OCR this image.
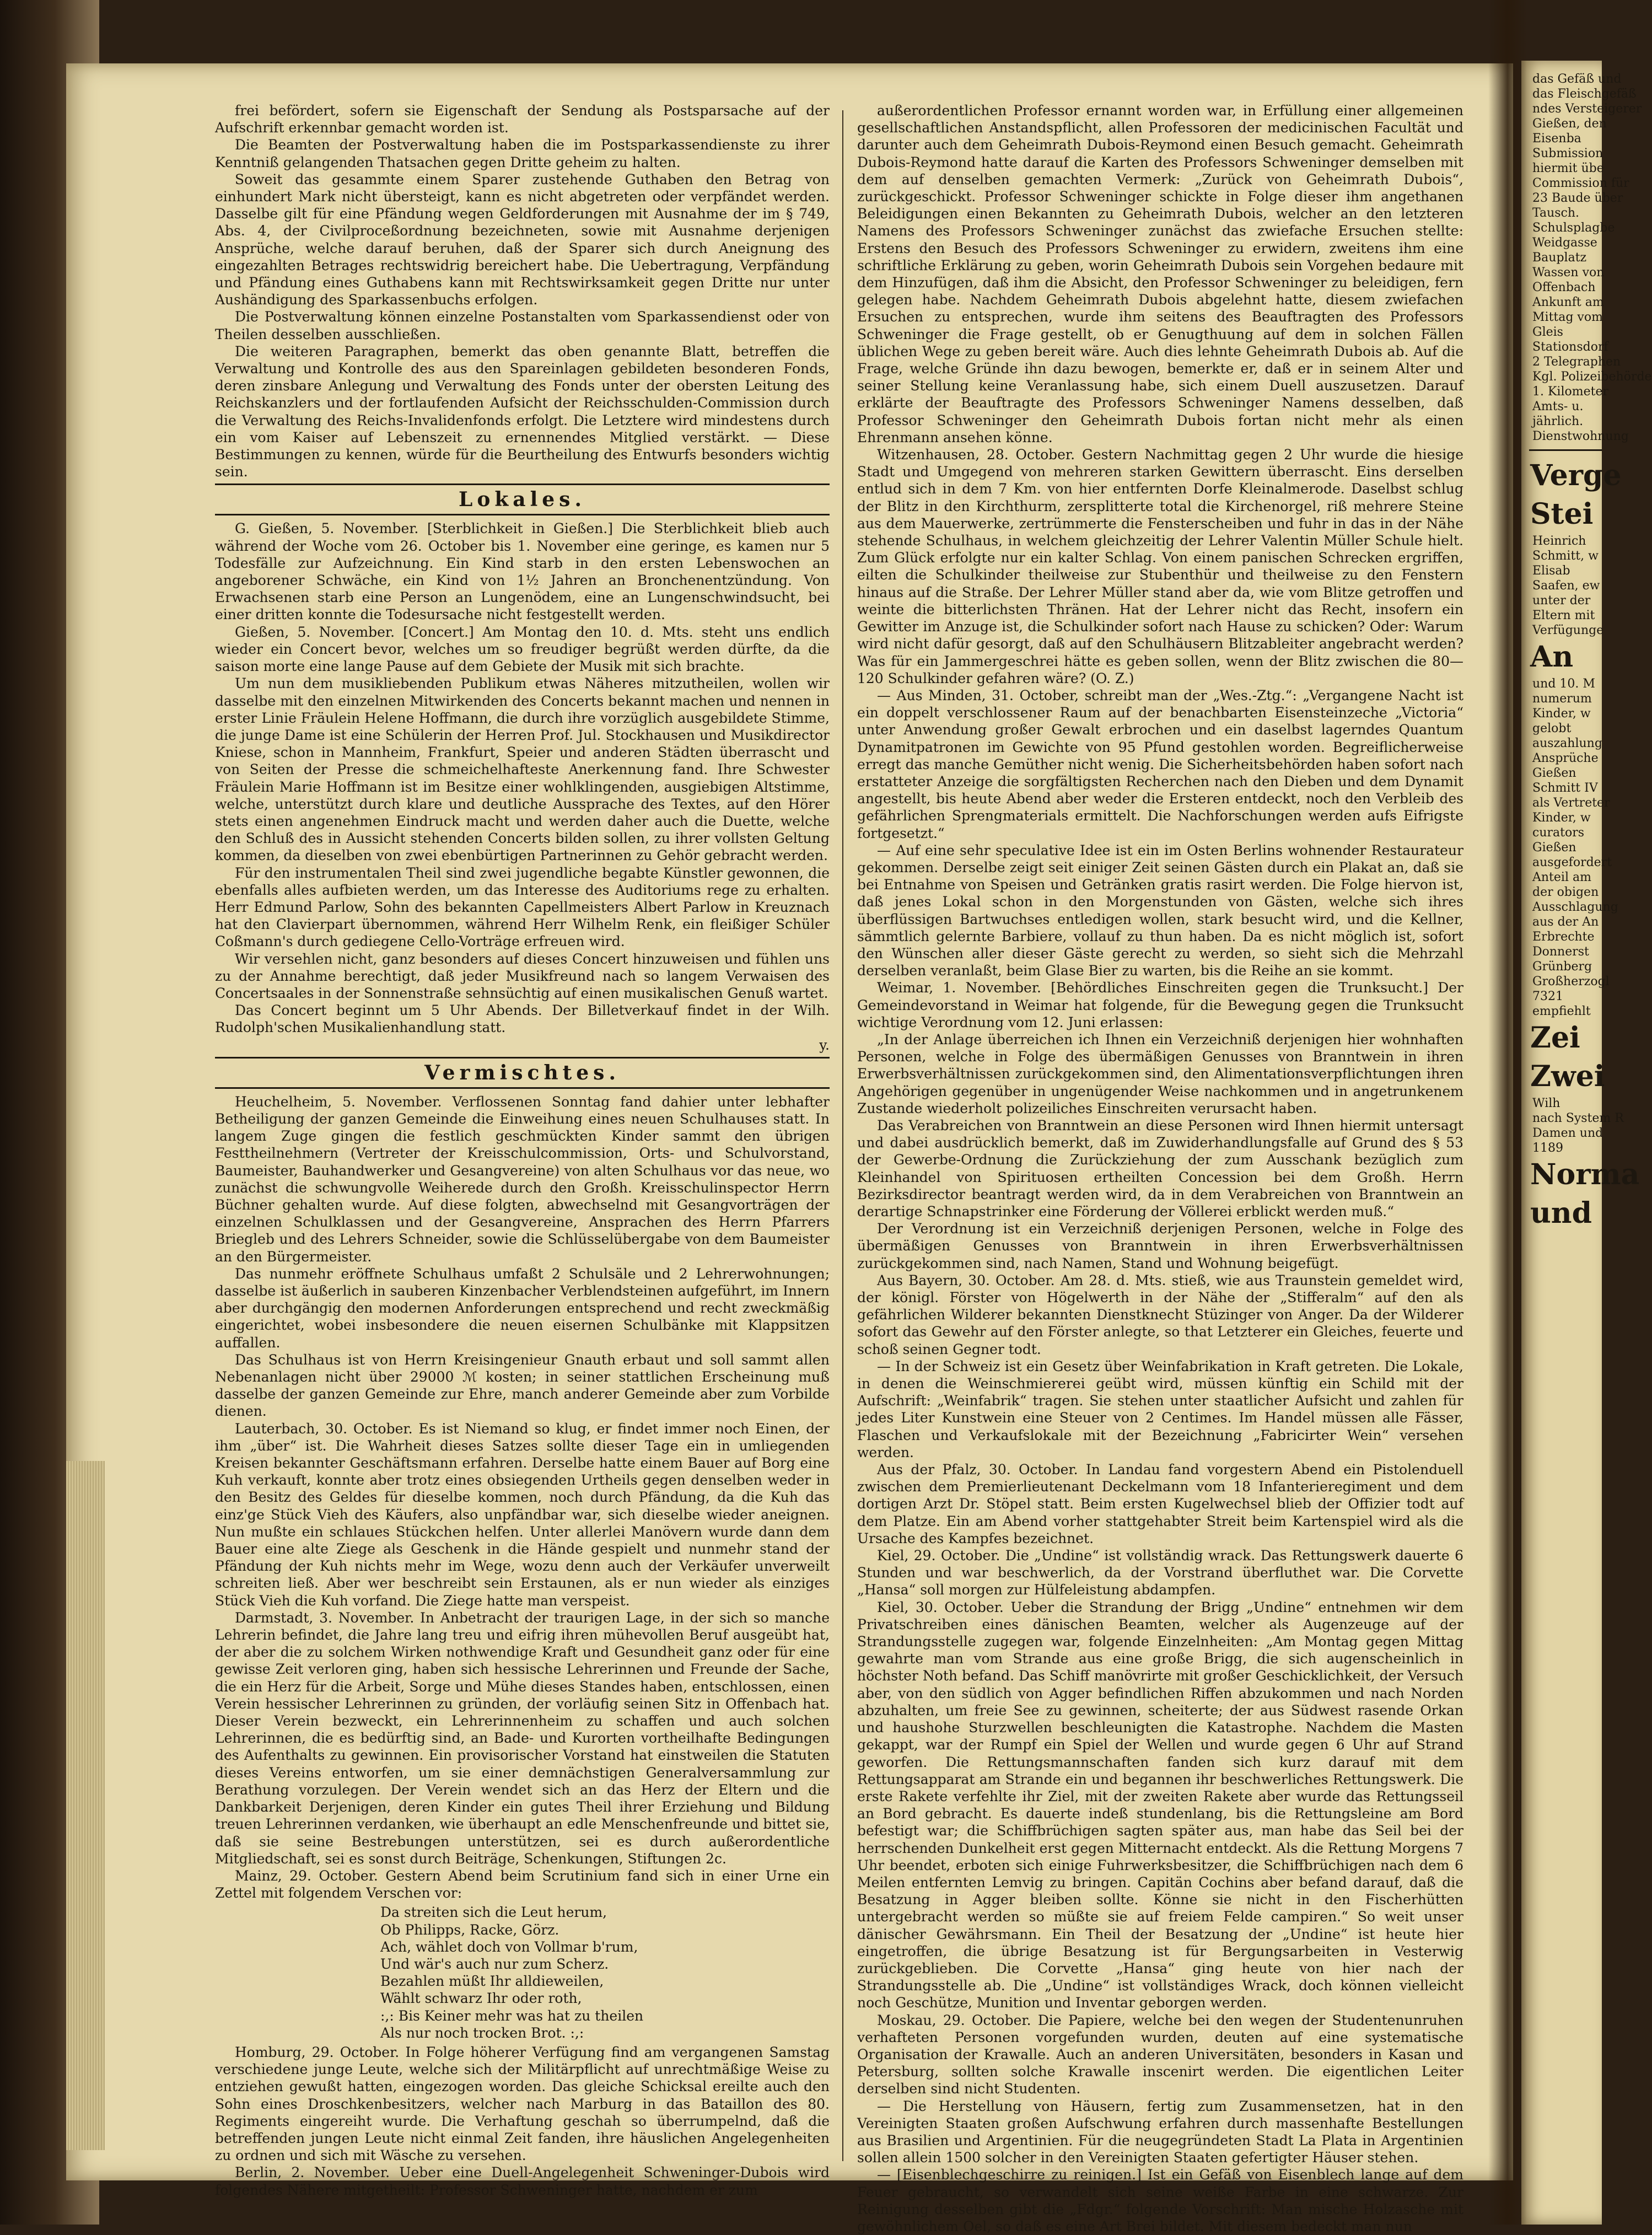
das Gefäß und
das Fleischgefäß
ndes Versteigerer
Gießen, den
Eisenba
Submission
hiermit übe
Commission für
23 Baude über
Tausch.
Schulsplagbe
Weidgasse
Bauplatz
Wassen von
Offenbach
Ankunft am
Mittag vom
Gleis
Stationsdorf
2 Telegraphen
Kgl. Polizeibehörde
1. Kilometer
Amts- u.
jährlich.
Dienstwohnung
Verge
Stei
Heinrich
Schmitt, w
Elisab
Saafen, ew
unter der
Eltern mit
Verfügunge
An
und 10. M
numerum
Kinder, w
gelobt
auszahlung
Ansprüche
Gießen
Schmitt IV
als Vertreter
Kinder, w
curators
Gießen
ausgefordert
Anteil am
der obigen
Ausschlagung
aus der An
Erbrechte
Donnerst
Grünberg
Großherzogl
7321
empfiehlt
Zei
Zwei
Wilh
nach System R
Damen und
1189
Norma
und

frei befördert, sofern sie Eigenschaft der Sendung als Postsparsache auf der Aufschrift erkennbar gemacht worden ist.

Die Beamten der Postverwaltung haben die im Postsparkassendienste zu ihrer Kenntniß gelangenden Thatsachen gegen Dritte geheim zu halten.

Soweit das gesammte einem Sparer zustehende Guthaben den Betrag von einhundert Mark nicht übersteigt, kann es nicht abgetreten oder verpfändet werden. Dasselbe gilt für eine Pfändung wegen Geldforderungen mit Ausnahme der im § 749, Abs. 4, der Civilproceßordnung bezeichneten, sowie mit Ausnahme derjenigen Ansprüche, welche darauf beruhen, daß der Sparer sich durch Aneignung des eingezahlten Betrages rechtswidrig bereichert habe. Die Uebertragung, Verpfändung und Pfändung eines Guthabens kann mit Rechtswirksamkeit gegen Dritte nur unter Aushändigung des Sparkassenbuchs erfolgen.

Die Postverwaltung können einzelne Postanstalten vom Sparkassendienst oder von Theilen desselben ausschließen.

Die weiteren Paragraphen, bemerkt das oben genannte Blatt, betreffen die Verwaltung und Kontrolle des aus den Spareinlagen gebildeten besonderen Fonds, deren zinsbare Anlegung und Verwaltung des Fonds unter der obersten Leitung des Reichskanzlers und der fortlaufenden Aufsicht der Reichsschulden-Commission durch die Verwaltung des Reichs-Invalidenfonds erfolgt. Die Letztere wird mindestens durch ein vom Kaiser auf Lebenszeit zu ernennendes Mitglied verstärkt. — Diese Bestimmungen zu kennen, würde für die Beurtheilung des Entwurfs besonders wichtig sein.

Lokales.

G. Gießen, 5. November. [Sterblichkeit in Gießen.] Die Sterblichkeit blieb auch während der Woche vom 26. October bis 1. November eine geringe, es kamen nur 5 Todesfälle zur Aufzeichnung. Ein Kind starb in den ersten Lebenswochen an angeborener Schwäche, ein Kind von 1½ Jahren an Bronchenentzündung. Von Erwachsenen starb eine Person an Lungenödem, eine an Lungenschwindsucht, bei einer dritten konnte die Todesursache nicht festgestellt werden.

Gießen, 5. November. [Concert.] Am Montag den 10. d. Mts. steht uns endlich wieder ein Concert bevor, welches um so freudiger begrüßt werden dürfte, da die saison morte eine lange Pause auf dem Gebiete der Musik mit sich brachte.

Um nun dem musikliebenden Publikum etwas Näheres mitzutheilen, wollen wir dasselbe mit den einzelnen Mitwirkenden des Concerts bekannt machen und nennen in erster Linie Fräulein Helene Hoffmann, die durch ihre vorzüglich ausgebildete Stimme, die junge Dame ist eine Schülerin der Herren Prof. Jul. Stockhausen und Musikdirector Kniese, schon in Mannheim, Frankfurt, Speier und anderen Städten überrascht und von Seiten der Presse die schmeichelhafteste Anerkennung fand. Ihre Schwester Fräulein Marie Hoffmann ist im Besitze einer wohlklingenden, ausgiebigen Altstimme, welche, unterstützt durch klare und deutliche Aussprache des Textes, auf den Hörer stets einen angenehmen Eindruck macht und werden daher auch die Duette, welche den Schluß des in Aussicht stehenden Concerts bilden sollen, zu ihrer vollsten Geltung kommen, da dieselben von zwei ebenbürtigen Partnerinnen zu Gehör gebracht werden.

Für den instrumentalen Theil sind zwei jugendliche begabte Künstler gewonnen, die ebenfalls alles aufbieten werden, um das Interesse des Auditoriums rege zu erhalten. Herr Edmund Parlow, Sohn des bekannten Capellmeisters Albert Parlow in Kreuznach hat den Clavierpart übernommen, während Herr Wilhelm Renk, ein fleißiger Schüler Coßmann's durch gediegene Cello-Vorträge erfreuen wird.

Wir versehlen nicht, ganz besonders auf dieses Concert hinzuweisen und fühlen uns zu der Annahme berechtigt, daß jeder Musikfreund nach so langem Verwaisen des Concertsaales in der Sonnenstraße sehnsüchtig auf einen musikalischen Genuß wartet.

Das Concert beginnt um 5 Uhr Abends. Der Billetverkauf findet in der Wilh. Rudolph'schen Musikalienhandlung statt.

y.

Vermischtes.

Heuchelheim, 5. November. Verflossenen Sonntag fand dahier unter lebhafter Betheiligung der ganzen Gemeinde die Einweihung eines neuen Schulhauses statt. In langem Zuge gingen die festlich geschmückten Kinder sammt den übrigen Festtheilnehmern (Vertreter der Kreisschulcommission, Orts- und Schulvorstand, Baumeister, Bauhandwerker und Gesangvereine) von alten Schulhaus vor das neue, wo zunächst die schwungvolle Weiherede durch den Großh. Kreisschulinspector Herrn Büchner gehalten wurde. Auf diese folgten, abwechselnd mit Gesangvorträgen der einzelnen Schulklassen und der Gesangvereine, Ansprachen des Herrn Pfarrers Briegleb und des Lehrers Schneider, sowie die Schlüsselübergabe von dem Baumeister an den Bürgermeister.

Das nunmehr eröffnete Schulhaus umfaßt 2 Schulsäle und 2 Lehrerwohnungen; dasselbe ist äußerlich in sauberen Kinzenbacher Verblendsteinen aufgeführt, im Innern aber durchgängig den modernen Anforderungen entsprechend und recht zweckmäßig eingerichtet, wobei insbesondere die neuen eisernen Schulbänke mit Klappsitzen auffallen.

Das Schulhaus ist von Herrn Kreisingenieur Gnauth erbaut und soll sammt allen Nebenanlagen nicht über 29000 ℳ kosten; in seiner stattlichen Erscheinung muß dasselbe der ganzen Gemeinde zur Ehre, manch anderer Gemeinde aber zum Vorbilde dienen.

Lauterbach, 30. October. Es ist Niemand so klug, er findet immer noch Einen, der ihm „über“ ist. Die Wahrheit dieses Satzes sollte dieser Tage ein in umliegenden Kreisen bekannter Geschäftsmann erfahren. Derselbe hatte einem Bauer auf Borg eine Kuh verkauft, konnte aber trotz eines obsiegenden Urtheils gegen denselben weder in den Besitz des Geldes für dieselbe kommen, noch durch Pfändung, da die Kuh das einz'ge Stück Vieh des Käufers, also unpfändbar war, sich dieselbe wieder aneignen. Nun mußte ein schlaues Stückchen helfen. Unter allerlei Manövern wurde dann dem Bauer eine alte Ziege als Geschenk in die Hände gespielt und nunmehr stand der Pfändung der Kuh nichts mehr im Wege, wozu denn auch der Verkäufer unverweilt schreiten ließ. Aber wer beschreibt sein Erstaunen, als er nun wieder als einziges Stück Vieh die Kuh vorfand. Die Ziege hatte man verspeist.

Darmstadt, 3. November. In Anbetracht der traurigen Lage, in der sich so manche Lehrerin befindet, die Jahre lang treu und eifrig ihren mühevollen Beruf ausgeübt hat, der aber die zu solchem Wirken nothwendige Kraft und Gesundheit ganz oder für eine gewisse Zeit verloren ging, haben sich hessische Lehrerinnen und Freunde der Sache, die ein Herz für die Arbeit, Sorge und Mühe dieses Standes haben, entschlossen, einen Verein hessischer Lehrerinnen zu gründen, der vorläufig seinen Sitz in Offenbach hat. Dieser Verein bezweckt, ein Lehrerinnenheim zu schaffen und auch solchen Lehrerinnen, die es bedürftig sind, an Bade- und Kurorten vortheilhafte Bedingungen des Aufenthalts zu gewinnen. Ein provisorischer Vorstand hat einstweilen die Statuten dieses Vereins entworfen, um sie einer demnächstigen Generalversammlung zur Berathung vorzulegen. Der Verein wendet sich an das Herz der Eltern und die Dankbarkeit Derjenigen, deren Kinder ein gutes Theil ihrer Erziehung und Bildung treuen Lehrerinnen verdanken, wie überhaupt an edle Menschenfreunde und bittet sie, daß sie seine Bestrebungen unterstützen, sei es durch außerordentliche Mitgliedschaft, sei es sonst durch Beiträge, Schenkungen, Stiftungen 2c.

Mainz, 29. October. Gestern Abend beim Scrutinium fand sich in einer Urne ein Zettel mit folgendem Verschen vor:

Da streiten sich die Leut herum,
Ob Philipps, Racke, Görz.
Ach, wählet doch von Vollmar b'rum,
Und wär's auch nur zum Scherz.
Bezahlen müßt Ihr alldieweilen,
Wählt schwarz Ihr oder roth,
:,: Bis Keiner mehr was hat zu theilen
Als nur noch trocken Brot. :,:

Homburg, 29. October. In Folge höherer Verfügung find am vergangenen Samstag verschiedene junge Leute, welche sich der Militärpflicht auf unrechtmäßige Weise zu entziehen gewußt hatten, eingezogen worden. Das gleiche Schicksal ereilte auch den Sohn eines Droschkenbesitzers, welcher nach Marburg in das Bataillon des 80. Regiments eingereiht wurde. Die Verhaftung geschah so überrumpelnd, daß die betreffenden jungen Leute nicht einmal Zeit fanden, ihre häuslichen Angelegenheiten zu ordnen und sich mit Wäsche zu versehen.

Berlin, 2. November. Ueber eine Duell-Angelegenheit Schweninger-Dubois wird folgendes Nähere mitgetheilt: Professor Schweninger hatte, nachdem er zum

außerordentlichen Professor ernannt worden war, in Erfüllung einer allgemeinen gesellschaftlichen Anstandspflicht, allen Professoren der medicinischen Facultät und darunter auch dem Geheimrath Dubois-Reymond einen Besuch gemacht. Geheimrath Dubois-Reymond hatte darauf die Karten des Professors Schweninger demselben mit dem auf denselben gemachten Vermerk: „Zurück von Geheimrath Dubois“, zurückgeschickt. Professor Schweninger schickte in Folge dieser ihm angethanen Beleidigungen einen Bekannten zu Geheimrath Dubois, welcher an den letzteren Namens des Professors Schweninger zunächst das zwiefache Ersuchen stellte: Erstens den Besuch des Professors Schweninger zu erwidern, zweitens ihm eine schriftliche Erklärung zu geben, worin Geheimrath Dubois sein Vorgehen bedaure mit dem Hinzufügen, daß ihm die Absicht, den Professor Schweninger zu beleidigen, fern gelegen habe. Nachdem Geheimrath Dubois abgelehnt hatte, diesem zwiefachen Ersuchen zu entsprechen, wurde ihm seitens des Beauftragten des Professors Schweninger die Frage gestellt, ob er Genugthuung auf dem in solchen Fällen üblichen Wege zu geben bereit wäre. Auch dies lehnte Geheimrath Dubois ab. Auf die Frage, welche Gründe ihn dazu bewogen, bemerkte er, daß er in seinem Alter und seiner Stellung keine Veranlassung habe, sich einem Duell auszusetzen. Darauf erklärte der Beauftragte des Professors Schweninger Namens desselben, daß Professor Schweninger den Geheimrath Dubois fortan nicht mehr als einen Ehrenmann ansehen könne.

Witzenhausen, 28. October. Gestern Nachmittag gegen 2 Uhr wurde die hiesige Stadt und Umgegend von mehreren starken Gewittern überrascht. Eins derselben entlud sich in dem 7 Km. von hier entfernten Dorfe Kleinalmerode. Daselbst schlug der Blitz in den Kirchthurm, zersplitterte total die Kirchenorgel, riß mehrere Steine aus dem Mauerwerke, zertrümmerte die Fensterscheiben und fuhr in das in der Nähe stehende Schulhaus, in welchem gleichzeitig der Lehrer Valentin Müller Schule hielt. Zum Glück erfolgte nur ein kalter Schlag. Von einem panischen Schrecken ergriffen, eilten die Schulkinder theilweise zur Stubenthür und theilweise zu den Fenstern hinaus auf die Straße. Der Lehrer Müller stand aber da, wie vom Blitze getroffen und weinte die bitterlichsten Thränen. Hat der Lehrer nicht das Recht, insofern ein Gewitter im Anzuge ist, die Schulkinder sofort nach Hause zu schicken? Oder: Warum wird nicht dafür gesorgt, daß auf den Schulhäusern Blitzableiter angebracht werden? Was für ein Jammergeschrei hätte es geben sollen, wenn der Blitz zwischen die 80—120 Schulkinder gefahren wäre? (O. Z.)

— Aus Minden, 31. October, schreibt man der „Wes.-Ztg.“: „Vergangene Nacht ist ein doppelt verschlossener Raum auf der benachbarten Eisensteinzeche „Victoria“ unter Anwendung großer Gewalt erbrochen und ein daselbst lagerndes Quantum Dynamitpatronen im Gewichte von 95 Pfund gestohlen worden. Begreiflicherweise erregt das manche Gemüther nicht wenig. Die Sicherheitsbehörden haben sofort nach erstatteter Anzeige die sorgfältigsten Recherchen nach den Dieben und dem Dynamit angestellt, bis heute Abend aber weder die Ersteren entdeckt, noch den Verbleib des gefährlichen Sprengmaterials ermittelt. Die Nachforschungen werden aufs Eifrigste fortgesetzt.“

— Auf eine sehr speculative Idee ist ein im Osten Berlins wohnender Restaurateur gekommen. Derselbe zeigt seit einiger Zeit seinen Gästen durch ein Plakat an, daß sie bei Entnahme von Speisen und Getränken gratis rasirt werden. Die Folge hiervon ist, daß jenes Lokal schon in den Morgenstunden von Gästen, welche sich ihres überflüssigen Bartwuchses entledigen wollen, stark besucht wird, und die Kellner, sämmtlich gelernte Barbiere, vollauf zu thun haben. Da es nicht möglich ist, sofort den Wünschen aller dieser Gäste gerecht zu werden, so sieht sich die Mehrzahl derselben veranlaßt, beim Glase Bier zu warten, bis die Reihe an sie kommt.

Weimar, 1. November. [Behördliches Einschreiten gegen die Trunksucht.] Der Gemeindevorstand in Weimar hat folgende, für die Bewegung gegen die Trunksucht wichtige Verordnung vom 12. Juni erlassen:

„In der Anlage überreichen ich Ihnen ein Verzeichniß derjenigen hier wohnhaften Personen, welche in Folge des übermäßigen Genusses von Branntwein in ihren Erwerbsverhältnissen zurückgekommen sind, den Alimentationsverpflichtungen ihren Angehörigen gegenüber in ungenügender Weise nachkommen und in angetrunkenem Zustande wiederholt polizeiliches Einschreiten verursacht haben.

Das Verabreichen von Branntwein an diese Personen wird Ihnen hiermit untersagt und dabei ausdrücklich bemerkt, daß im Zuwiderhandlungsfalle auf Grund des § 53 der Gewerbe-Ordnung die Zurückziehung der zum Ausschank bezüglich zum Kleinhandel von Spirituosen ertheilten Concession bei dem Großh. Herrn Bezirksdirector beantragt werden wird, da in dem Verabreichen von Branntwein an derartige Schnapstrinker eine Förderung der Völlerei erblickt werden muß.“

Der Verordnung ist ein Verzeichniß derjenigen Personen, welche in Folge des übermäßigen Genusses von Branntwein in ihren Erwerbsverhältnissen zurückgekommen sind, nach Namen, Stand und Wohnung beigefügt.

Aus Bayern, 30. October. Am 28. d. Mts. stieß, wie aus Traunstein gemeldet wird, der königl. Förster von Högelwerth in der Nähe der „Stifferalm“ auf den als gefährlichen Wilderer bekannten Dienstknecht Stüzinger von Anger. Da der Wilderer sofort das Gewehr auf den Förster anlegte, so that Letzterer ein Gleiches, feuerte und schoß seinen Gegner todt.

— In der Schweiz ist ein Gesetz über Weinfabrikation in Kraft getreten. Die Lokale, in denen die Weinschmiererei geübt wird, müssen künftig ein Schild mit der Aufschrift: „Weinfabrik“ tragen. Sie stehen unter staatlicher Aufsicht und zahlen für jedes Liter Kunstwein eine Steuer von 2 Centimes. Im Handel müssen alle Fässer, Flaschen und Verkaufslokale mit der Bezeichnung „Fabricirter Wein“ versehen werden.

Aus der Pfalz, 30. October. In Landau fand vorgestern Abend ein Pistolenduell zwischen dem Premierlieutenant Deckelmann vom 18 Infanterieregiment und dem dortigen Arzt Dr. Stöpel statt. Beim ersten Kugelwechsel blieb der Offizier todt auf dem Platze. Ein am Abend vorher stattgehabter Streit beim Kartenspiel wird als die Ursache des Kampfes bezeichnet.

Kiel, 29. October. Die „Undine“ ist vollständig wrack. Das Rettungswerk dauerte 6 Stunden und war beschwerlich, da der Vorstrand überfluthet war. Die Corvette „Hansa“ soll morgen zur Hülfeleistung abdampfen.

Kiel, 30. October. Ueber die Strandung der Brigg „Undine“ entnehmen wir dem Privatschreiben eines dänischen Beamten, welcher als Augenzeuge auf der Strandungsstelle zugegen war, folgende Einzelnheiten: „Am Montag gegen Mittag gewahrte man vom Strande aus eine große Brigg, die sich augenscheinlich in höchster Noth befand. Das Schiff manövrirte mit großer Geschicklichkeit, der Versuch aber, von den südlich von Agger befindlichen Riffen abzukommen und nach Norden abzuhalten, um freie See zu gewinnen, scheiterte; der aus Südwest rasende Orkan und haushohe Sturzwellen beschleunigten die Katastrophe. Nachdem die Masten gekappt, war der Rumpf ein Spiel der Wellen und wurde gegen 6 Uhr auf Strand geworfen. Die Rettungsmannschaften fanden sich kurz darauf mit dem Rettungsapparat am Strande ein und begannen ihr beschwerliches Rettungswerk. Die erste Rakete verfehlte ihr Ziel, mit der zweiten Rakete aber wurde das Rettungsseil an Bord gebracht. Es dauerte indeß stundenlang, bis die Rettungsleine am Bord befestigt war; die Schiffbrüchigen sagten später aus, man habe das Seil bei der herrschenden Dunkelheit erst gegen Mitternacht entdeckt. Als die Rettung Morgens 7 Uhr beendet, erboten sich einige Fuhrwerksbesitzer, die Schiffbrüchigen nach dem 6 Meilen entfernten Lemvig zu bringen. Capitän Cochins aber befand darauf, daß die Besatzung in Agger bleiben sollte. Könne sie nicht in den Fischerhütten untergebracht werden so müßte sie auf freiem Felde campiren.“ So weit unser dänischer Gewährsmann. Ein Theil der Besatzung der „Undine“ ist heute hier eingetroffen, die übrige Besatzung ist für Bergungsarbeiten in Vesterwig zurückgeblieben. Die Corvette „Hansa“ ging heute von hier nach der Strandungsstelle ab. Die „Undine“ ist vollständiges Wrack, doch können vielleicht noch Geschütze, Munition und Inventar geborgen werden.

Moskau, 29. October. Die Papiere, welche bei den wegen der Studentenunruhen verhafteten Personen vorgefunden wurden, deuten auf eine systematische Organisation der Krawalle. Auch an anderen Universitäten, besonders in Kasan und Petersburg, sollten solche Krawalle inscenirt werden. Die eigentlichen Leiter derselben sind nicht Studenten.

— Die Herstellung von Häusern, fertig zum Zusammensetzen, hat in den Vereinigten Staaten großen Aufschwung erfahren durch massenhafte Bestellungen aus Brasilien und Argentinien. Für die neugegründeten Stadt La Plata in Argentinien sollen allein 1500 solcher in den Vereinigten Staaten gefertigter Häuser stehen.

— [Eisenblechgeschirre zu reinigen.] Ist ein Gefäß von Eisenblech lange auf dem Feuer gebraucht, so verwandelt sich seine weiße Farbe in eine schwarze. Zur Reinigung desselben gibt die „Fdgr.“ folgende Vorschrift: Man mische Holzasche mit gewöhnlichem Oel, so daß es eine Art Brei bildet. Mit diesem bedeckt man nun
